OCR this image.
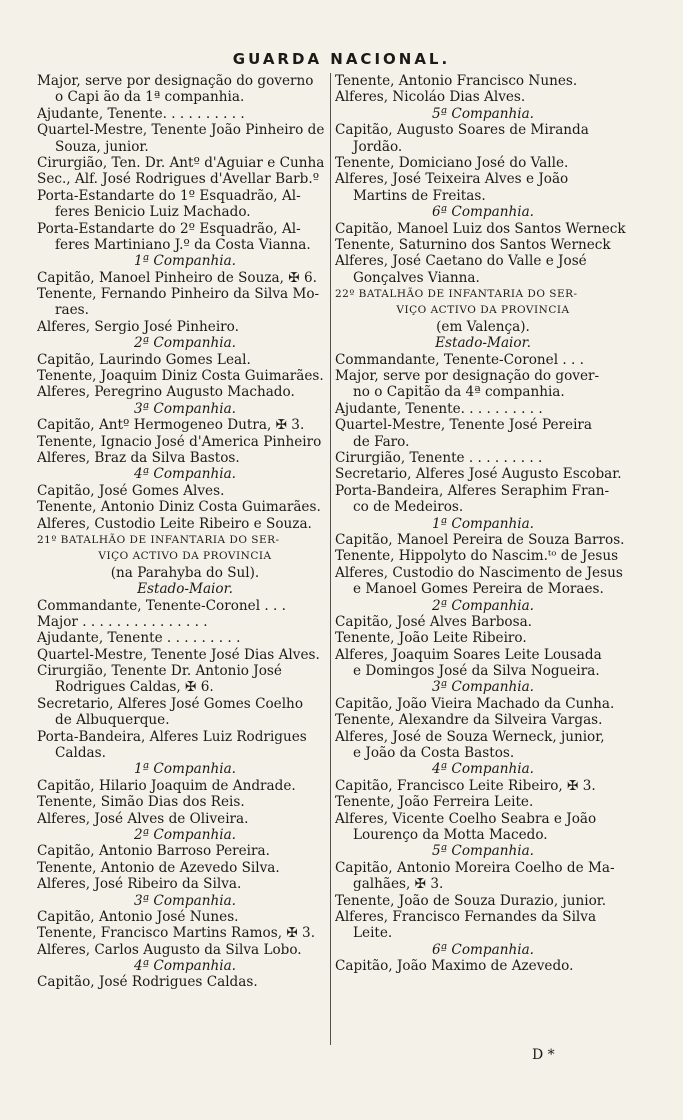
GUARDA NACIONAL.
Major, serve por designação do governo
o Capi ão da 1ª companhia.
Ajudante, Tenente. . . . . . . . . .
Quartel-Mestre, Tenente João Pinheiro de
Souza, junior.
Cirurgião, Ten. Dr. Antº d'Aguiar e Cunha
Sec., Alf. José Rodrigues d'Avellar Barb.º
Porta-Estandarte do 1º Esquadrão, Al-
feres Benicio Luiz Machado.
Porta-Estandarte do 2º Esquadrão, Al-
feres Martiniano J.º da Costa Vianna.
1ª Companhia.
Capitão, Manoel Pinheiro de Souza, ✠ 6.
Tenente, Fernando Pinheiro da Silva Mo-
raes.
Alferes, Sergio José Pinheiro.
2ª Companhia.
Capitão, Laurindo Gomes Leal.
Tenente, Joaquim Diniz Costa Guimarães.
Alferes, Peregrino Augusto Machado.
3ª Companhia.
Capitão, Antº Hermogeneo Dutra, ✠ 3.
Tenente, Ignacio José d'America Pinheiro
Alferes, Braz da Silva Bastos.
4ª Companhia.
Capitão, José Gomes Alves.
Tenente, Antonio Diniz Costa Guimarães.
Alferes, Custodio Leite Ribeiro e Souza.
21º BATALHÃO DE INFANTARIA DO SER-
VIÇO ACTIVO DA PROVINCIA
(na Parahyba do Sul).
Estado-Maior.
Commandante, Tenente-Coronel . . .
Major . . . . . . . . . . . . . . .
Ajudante, Tenente . . . . . . . . .
Quartel-Mestre, Tenente José Dias Alves.
Cirurgião, Tenente Dr. Antonio José
Rodrigues Caldas, ✠ 6.
Secretario, Alferes José Gomes Coelho
de Albuquerque.
Porta-Bandeira, Alferes Luiz Rodrigues
Caldas.
1ª Companhia.
Capitão, Hilario Joaquim de Andrade.
Tenente, Simão Dias dos Reis.
Alferes, José Alves de Oliveira.
2ª Companhia.
Capitão, Antonio Barroso Pereira.
Tenente, Antonio de Azevedo Silva.
Alferes, José Ribeiro da Silva.
3ª Companhia.
Capitão, Antonio José Nunes.
Tenente, Francisco Martins Ramos, ✠ 3.
Alferes, Carlos Augusto da Silva Lobo.
4ª Companhia.
Capitão, José Rodrigues Caldas.
Tenente, Antonio Francisco Nunes.
Alferes, Nicoláo Dias Alves.
5ª Companhia.
Capitão, Augusto Soares de Miranda
Jordão.
Tenente, Domiciano José do Valle.
Alferes, José Teixeira Alves e João
Martins de Freitas.
6ª Companhia.
Capitão, Manoel Luiz dos Santos Werneck
Tenente, Saturnino dos Santos Werneck
Alferes, José Caetano do Valle e José
Gonçalves Vianna.
22º BATALHÃO DE INFANTARIA DO SER-
VIÇO ACTIVO DA PROVINCIA
(em Valença).
Estado-Maior.
Commandante, Tenente-Coronel . . .
Major, serve por designação do gover-
no o Capitão da 4ª companhia.
Ajudante, Tenente. . . . . . . . . .
Quartel-Mestre, Tenente José Pereira
de Faro.
Cirurgião, Tenente . . . . . . . . .
Secretario, Alferes José Augusto Escobar.
Porta-Bandeira, Alferes Seraphim Fran-
co de Medeiros.
1ª Companhia.
Capitão, Manoel Pereira de Souza Barros.
Tenente, Hippolyto do Nascim.ᵗᵒ de Jesus
Alferes, Custodio do Nascimento de Jesus
e Manoel Gomes Pereira de Moraes.
2ª Companhia.
Capitão, José Alves Barbosa.
Tenente, João Leite Ribeiro.
Alferes, Joaquim Soares Leite Lousada
e Domingos José da Silva Nogueira.
3ª Companhia.
Capitão, João Vieira Machado da Cunha.
Tenente, Alexandre da Silveira Vargas.
Alferes, José de Souza Werneck, junior,
e João da Costa Bastos.
4ª Companhia.
Capitão, Francisco Leite Ribeiro, ✠ 3.
Tenente, João Ferreira Leite.
Alferes, Vicente Coelho Seabra e João
Lourenço da Motta Macedo.
5ª Companhia.
Capitão, Antonio Moreira Coelho de Ma-
galhães, ✠ 3.
Tenente, João de Souza Durazio, junior.
Alferes, Francisco Fernandes da Silva
Leite.
6ª Companhia.
Capitão, João Maximo de Azevedo.
D *
